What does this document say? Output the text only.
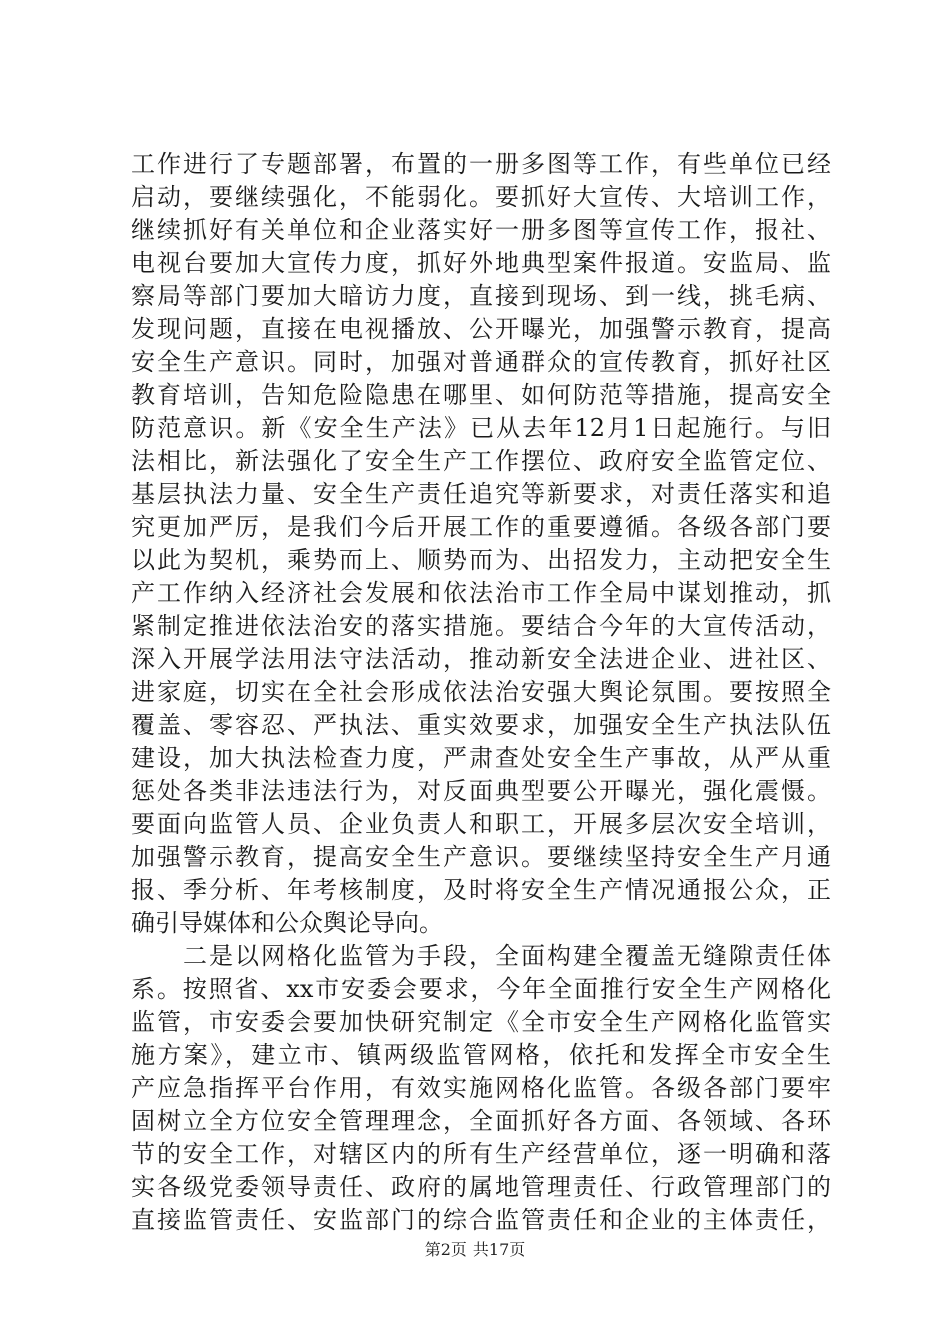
工作进行了专题部署，布置的一册多图等工作，有些单位已经
启动，要继续强化，不能弱化。要抓好大宣传、大培训工作，
继续抓好有关单位和企业落实好一册多图等宣传工作，报社、
电视台要加大宣传力度，抓好外地典型案件报道。安监局、监
察局等部门要加大暗访力度，直接到现场、到一线，挑毛病、
发现问题，直接在电视播放、公开曝光，加强警示教育，提高
安全生产意识。同时，加强对普通群众的宣传教育，抓好社区
教育培训，告知危险隐患在哪里、如何防范等措施，提高安全
防范意识。新《安全生产法》已从去年12月1日起施行。与旧
法相比，新法强化了安全生产工作摆位、政府安全监管定位、
基层执法力量、安全生产责任追究等新要求，对责任落实和追
究更加严厉，是我们今后开展工作的重要遵循。各级各部门要
以此为契机，乘势而上、顺势而为、出招发力，主动把安全生
产工作纳入经济社会发展和依法治市工作全局中谋划推动，抓
紧制定推进依法治安的落实措施。要结合今年的大宣传活动，
深入开展学法用法守法活动，推动新安全法进企业、进社区、
进家庭，切实在全社会形成依法治安强大舆论氛围。要按照全
覆盖、零容忍、严执法、重实效要求，加强安全生产执法队伍
建设，加大执法检查力度，严肃查处安全生产事故，从严从重
惩处各类非法违法行为，对反面典型要公开曝光，强化震慑。
要面向监管人员、企业负责人和职工，开展多层次安全培训，
加强警示教育，提高安全生产意识。要继续坚持安全生产月通
报、季分析、年考核制度，及时将安全生产情况通报公众，正
确引导媒体和公众舆论导向。
　　二是以网格化监管为手段，全面构建全覆盖无缝隙责任体
系。按照省、xx市安委会要求，今年全面推行安全生产网格化
监管，市安委会要加快研究制定《全市安全生产网格化监管实
施方案》，建立市、镇两级监管网格，依托和发挥全市安全生
产应急指挥平台作用，有效实施网格化监管。各级各部门要牢
固树立全方位安全管理理念，全面抓好各方面、各领域、各环
节的安全工作，对辖区内的所有生产经营单位，逐一明确和落
实各级党委领导责任、政府的属地管理责任、行政管理部门的
直接监管责任、安监部门的综合监管责任和企业的主体责任，
第2页 共17页
